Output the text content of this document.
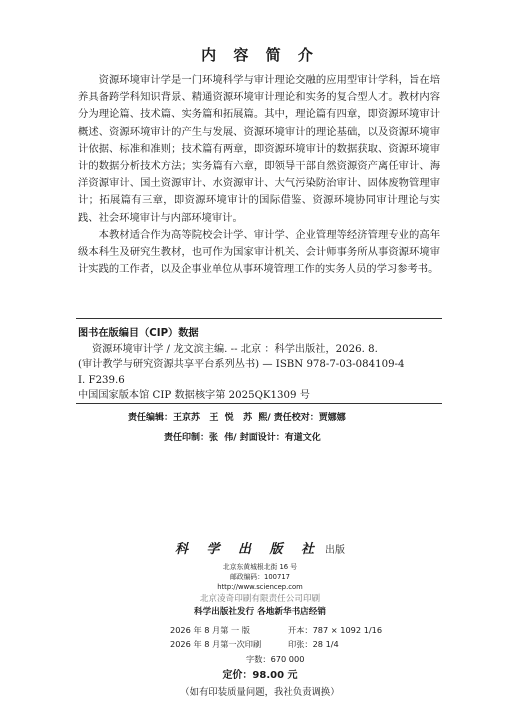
内 容 简 介

资源环境审计学是一门环境科学与审计理论交融的应用型审计学科，旨在培养具备跨学科知识背景、精通资源环境审计理论和实务的复合型人才。教材内容分为理论篇、技术篇、实务篇和拓展篇。其中，理论篇有四章，即资源环境审计概述、资源环境审计的产生与发展、资源环境审计的理论基础，以及资源环境审计依据、标准和准则；技术篇有两章，即资源环境审计的数据获取、资源环境审计的数据分析技术方法；实务篇有六章，即领导干部自然资源资产离任审计、海洋资源审计、国土资源审计、水资源审计、大气污染防治审计、固体废物管理审计；拓展篇有三章，即资源环境审计的国际借鉴、资源环境协同审计理论与实践、社会环境审计与内部环境审计。

本教材适合作为高等院校会计学、审计学、企业管理等经济管理专业的高年级本科生及研究生教材，也可作为国家审计机关、会计师事务所从事资源环境审计实践的工作者，以及企事业单位从事环境管理工作的实务人员的学习参考书。

图书在版编目（CIP）数据
资源环境审计学 / 龙文滨主编. -- 北京 ：科学出版社，2026. 8.
(审计教学与研究资源共享平台系列丛书) — ISBN 978-7-03-084109-4
Ⅰ. F239.6
中国国家版本馆 CIP 数据核字第 2025QK1309 号
责任编辑：王京苏   王  悦   苏  熙/ 责任校对：贾娜娜
责任印制：张  伟/ 封面设计：有道文化
科 学 出 版 社 出版
北京东黄城根北街 16 号
邮政编码：100717
http://www.sciencep.com
北京凌奇印刷有限责任公司印刷
科学出版社发行 各地新华书店经销
2026 年 8 月第 一 版	开本：787 × 1092 1/16
2026 年 8 月第一次印刷	印张：28 1/4
字数：670 000
定价：98.00 元
（如有印装质量问题，我社负责调换）
